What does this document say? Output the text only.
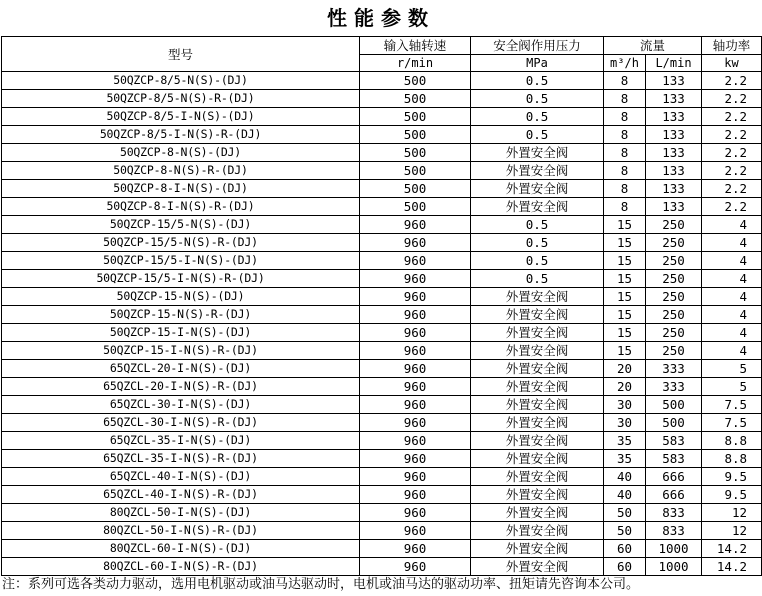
性能参数
型号	输入轴转速	安全阀作用压力	流量		轴功率
	r/min	MPa	m³/h	L/min	kw
50QZCP-8/5-N(S)-(DJ)	500	0.5	8	133	2.2
50QZCP-8/5-N(S)-R-(DJ)	500	0.5	8	133	2.2
50QZCP-8/5-I-N(S)-(DJ)	500	0.5	8	133	2.2
50QZCP-8/5-I-N(S)-R-(DJ)	500	0.5	8	133	2.2
50QZCP-8-N(S)-(DJ)	500	外置安全阀	8	133	2.2
50QZCP-8-N(S)-R-(DJ)	500	外置安全阀	8	133	2.2
50QZCP-8-I-N(S)-(DJ)	500	外置安全阀	8	133	2.2
50QZCP-8-I-N(S)-R-(DJ)	500	外置安全阀	8	133	2.2
50QZCP-15/5-N(S)-(DJ)	960	0.5	15	250	4
50QZCP-15/5-N(S)-R-(DJ)	960	0.5	15	250	4
50QZCP-15/5-I-N(S)-(DJ)	960	0.5	15	250	4
50QZCP-15/5-I-N(S)-R-(DJ)	960	0.5	15	250	4
50QZCP-15-N(S)-(DJ)	960	外置安全阀	15	250	4
50QZCP-15-N(S)-R-(DJ)	960	外置安全阀	15	250	4
50QZCP-15-I-N(S)-(DJ)	960	外置安全阀	15	250	4
50QZCP-15-I-N(S)-R-(DJ)	960	外置安全阀	15	250	4
65QZCL-20-I-N(S)-(DJ)	960	外置安全阀	20	333	5
65QZCL-20-I-N(S)-R-(DJ)	960	外置安全阀	20	333	5
65QZCL-30-I-N(S)-(DJ)	960	外置安全阀	30	500	7.5
65QZCL-30-I-N(S)-R-(DJ)	960	外置安全阀	30	500	7.5
65QZCL-35-I-N(S)-(DJ)	960	外置安全阀	35	583	8.8
65QZCL-35-I-N(S)-R-(DJ)	960	外置安全阀	35	583	8.8
65QZCL-40-I-N(S)-(DJ)	960	外置安全阀	40	666	9.5
65QZCL-40-I-N(S)-R-(DJ)	960	外置安全阀	40	666	9.5
80QZCL-50-I-N(S)-(DJ)	960	外置安全阀	50	833	12
80QZCL-50-I-N(S)-R-(DJ)	960	外置安全阀	50	833	12
80QZCL-60-I-N(S)-(DJ)	960	外置安全阀	60	1000	14.2
80QZCL-60-I-N(S)-R-(DJ)	960	外置安全阀	60	1000	14.2
注：系列可选各类动力驱动，选用电机驱动或油马达驱动时，电机或油马达的驱动功率、扭矩请先咨询本公司。
